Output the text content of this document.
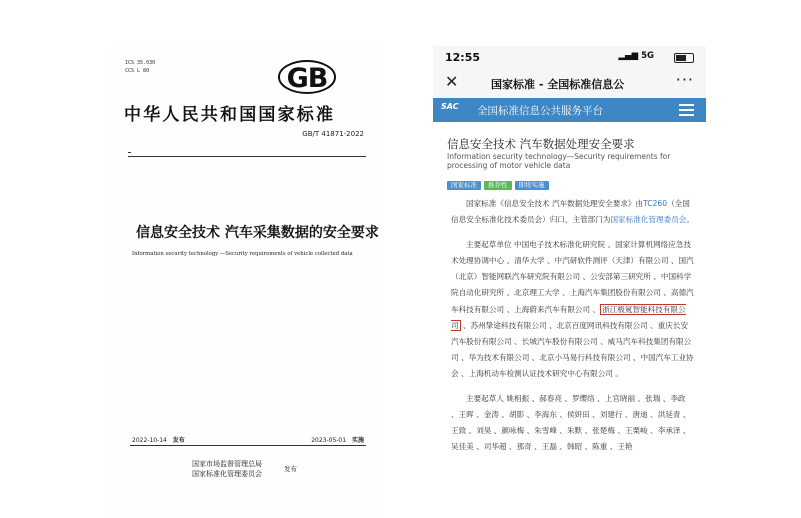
ICS 35.030
CCS L 80	GB
中华人民共和国国家标准
GB/T 41871-2022
信息安全技术 汽车采集数据的安全要求
Information security technology —Security requirements of vehicle collected data
2022-10-14 发布	2023-05-01 实施
国家市场监督管理总局
国家标准化管理委员会
发布
12:55	▂▄▆ 5G
✕	国家标准 - 全国标准信息公	···
SAC	全国标准信息公共服务平台
信息安全技术 汽车数据处理安全要求
Information security technology—Security requirements for processing of motor vehicle data
国家标准 推荐性 即将实施

国家标准《信息安全技术 汽车数据处理安全要求》由TC260（全国信息安全标准化技术委员会）归口，主管部门为国家标准化管理委员会。

主要起草单位 中国电子技术标准化研究院 、国家计算机网络应急技术处理协调中心 、清华大学 、中汽研软件测评（天津）有限公司 、国汽（北京）智能网联汽车研究院有限公司 、公安部第三研究所 、中国科学院自动化研究所 、北京理工大学 、上海汽车集团股份有限公司 、高德汽车科技有限公司 、上海蔚来汽车有限公司 、 浙江极氪智能科技有限公司 、苏州挚途科技有限公司 、北京百度网讯科技有限公司 、重庆长安汽车股份有限公司 、长城汽车股份有限公司 、威马汽车科技集团有限公司 、华为技术有限公司 、北京小马易行科技有限公司 、中国汽车工业协会 、上海机动车检测认证技术研究中心有限公司 。

主要起草人 姚相振 、郝春亮 、罗缨络 、上官晓丽 、张瑞 、李政 、王晖 、金涛 、胡影 、李海东 、侯妍田 、刘建行 、唐迪 、洪延青 、王致 、刘昊 、颜咏梅 、朱雪峰 、朱默 、张楚梅 、王栗峻 、李承泽 、吴佳美 、司华超 、那奇 、王磊 、韩昭 、陈重 、王艳
